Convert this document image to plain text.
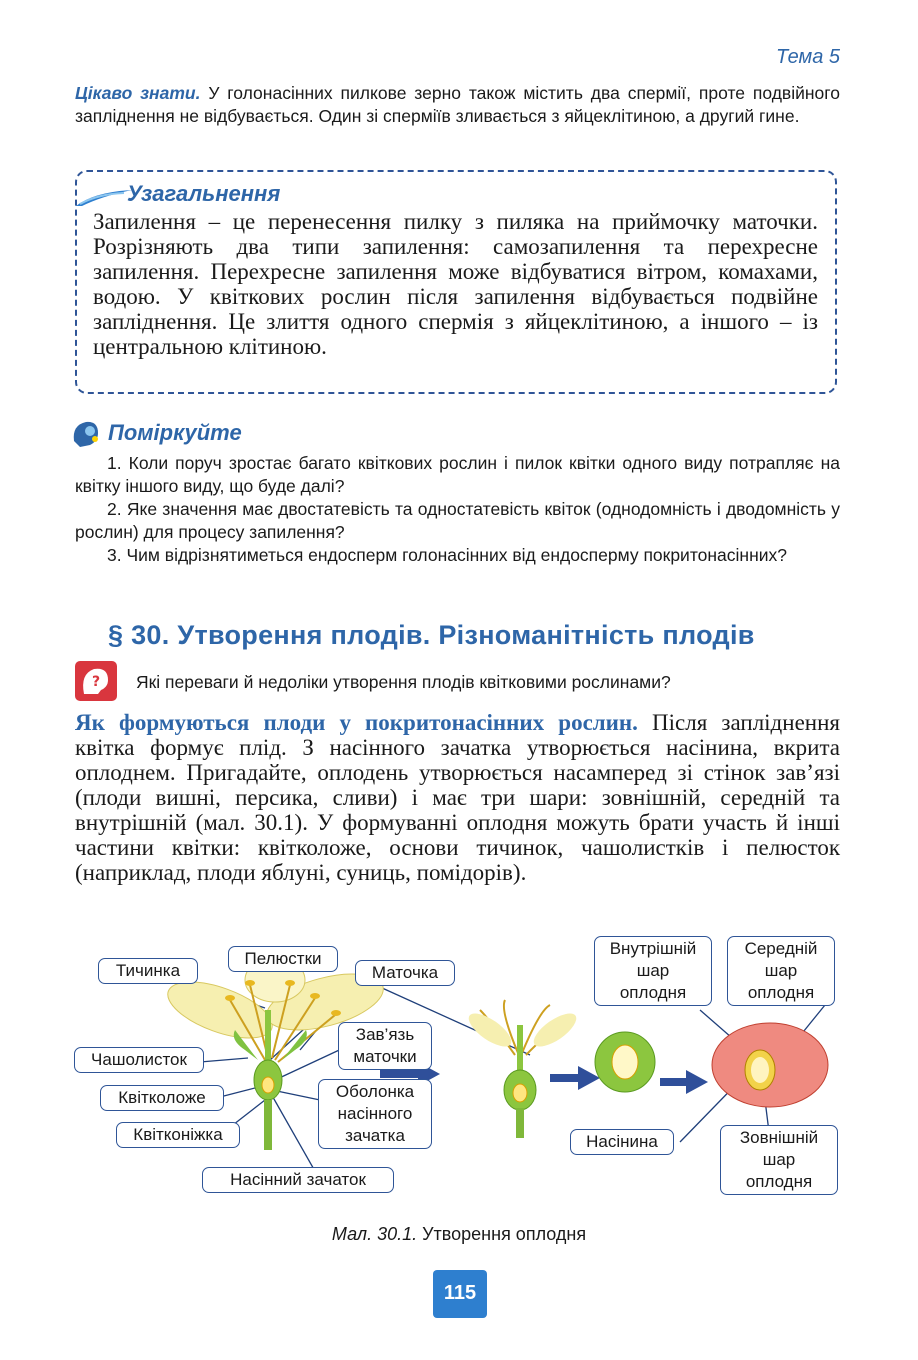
Тема 5
Цікаво знати. У голонасінних пилкове зерно також містить два спермії, проте подвійного запліднення не відбувається. Один зі сперміїв зливається з яйцеклітиною, а другий гине.
Узагальнення
Запилення – це перенесення пилку з пиляка на приймочку маточки. Розрізняють два типи запилення: самозапилення та перехресне запилення. Перехресне запилення може відбуватися вітром, комахами, водою. У квіткових рослин після запилення відбувається подвійне запліднення. Це злиття одного спермія з яйцеклітиною, а іншого – із центральною клітиною.
Поміркуйте

1. Коли поруч зростає багато квіткових рослин і пилок квітки одного виду потрапляє на квітку іншого виду, що буде далі?

2. Яке значення має двостатевість та одностатевість квіток (однодомність і дводомність у рослин) для процесу запилення?

3. Чим відрізнятиметься ендосперм голонасінних від ендосперму покритонасінних?

§ 30. Утворення плодів. Різноманітність плодів
? Які переваги й недоліки утворення плодів квітковими рослинами?
Як формуються плоди у покритонасінних рослин. Після запліднення квітка формує плід. З насінного зачатка утворюється насінина, вкрита оплоднем. Пригадайте, оплодень утворюється насамперед зі стінок зав’язі (плоди вишні, персика, сливи) і має три шари: зовнішній, середній та внутрішній (мал. 30.1). У формуванні оплодня можуть брати участь й інші частини квітки: квітколоже, основи тичинок, чашолистків і пелюсток (наприклад, плоди яблуні, суниць, помідорів).
Тичинка
Пелюстки
Маточка
Чашолисток
Зав’язь маточки
Квітколоже
Квітконіжка
Оболонка насінного зачатка
Насінний зачаток
Внутрішній шар оплодня
Середній шар оплодня
Насінина	Зовнішній шар оплодня
Мал. 30.1. Утворення оплодня
115
